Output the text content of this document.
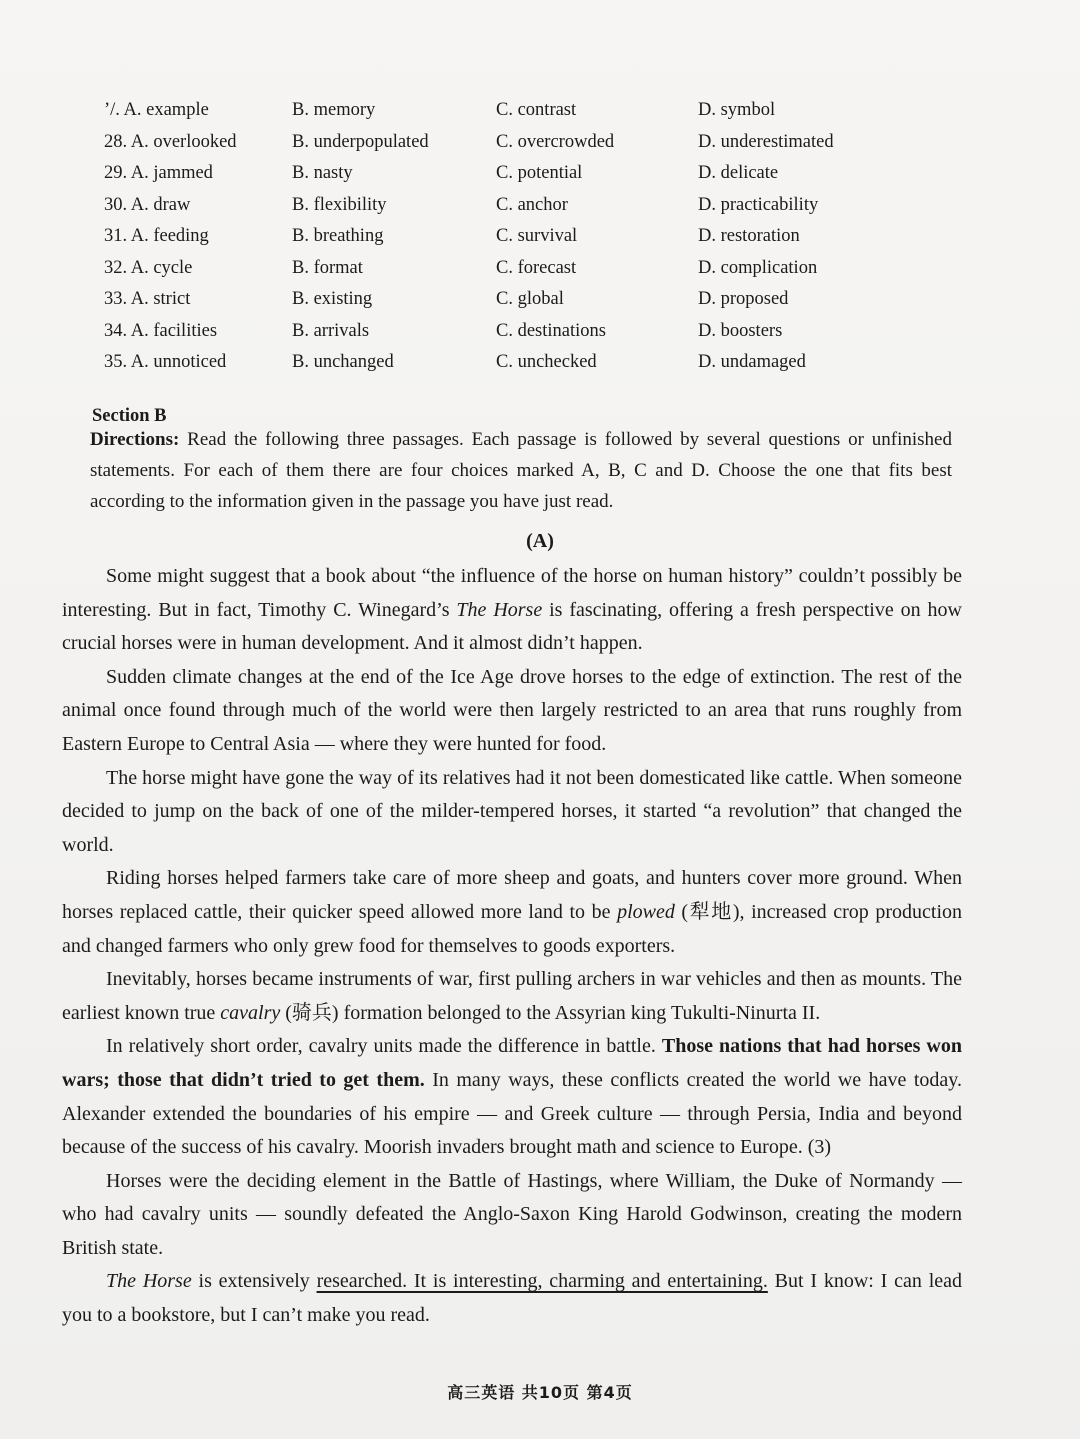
’/. A. example	B. memory	C. contrast	D. symbol
28. A. overlooked	B. underpopulated	C. overcrowded	D. underestimated
29. A. jammed	B. nasty	C. potential	D. delicate
30. A. draw	B. flexibility	C. anchor	D. practicability
31. A. feeding	B. breathing	C. survival	D. restoration
32. A. cycle	B. format	C. forecast	D. complication
33. A. strict	B. existing	C. global	D. proposed
34. A. facilities	B. arrivals	C. destinations	D. boosters
35. A. unnoticed	B. unchanged	C. unchecked	D. undamaged
Section B
Directions: Read the following three passages. Each passage is followed by several questions or unfinished statements. For each of them there are four choices marked A, B, C and D. Choose the one that fits best according to the information given in the passage you have just read.
(A)

Some might suggest that a book about “the influence of the horse on human history” couldn’t possibly be interesting. But in fact, Timothy C. Winegard’s The Horse is fascinating, offering a fresh perspective on how crucial horses were in human development. And it almost didn’t happen.

Sudden climate changes at the end of the Ice Age drove horses to the edge of extinction. The rest of the animal once found through much of the world were then largely restricted to an area that runs roughly from Eastern Europe to Central Asia — where they were hunted for food.

The horse might have gone the way of its relatives had it not been domesticated like cattle. When someone decided to jump on the back of one of the milder-tempered horses, it started “a revolution” that changed the world.

Riding horses helped farmers take care of more sheep and goats, and hunters cover more ground. When horses replaced cattle, their quicker speed allowed more land to be plowed (犁地), increased crop production and changed farmers who only grew food for themselves to goods exporters.

Inevitably, horses became instruments of war, first pulling archers in war vehicles and then as mounts. The earliest known true cavalry (骑兵) formation belonged to the Assyrian king Tukulti-Ninurta II.

In relatively short order, cavalry units made the difference in battle. Those nations that had horses won wars; those that didn’t tried to get them. In many ways, these conflicts created the world we have today. Alexander extended the boundaries of his empire — and Greek culture — through Persia, India and beyond because of the success of his cavalry. Moorish invaders brought math and science to Europe. (3)

Horses were the deciding element in the Battle of Hastings, where William, the Duke of Normandy — who had cavalry units — soundly defeated the Anglo-Saxon King Harold Godwinson, creating the modern British state.

The Horse is extensively researched. It is interesting, charming and entertaining. But I know: I can lead you to a bookstore, but I can’t make you read.

高三英语 共10页 第4页
